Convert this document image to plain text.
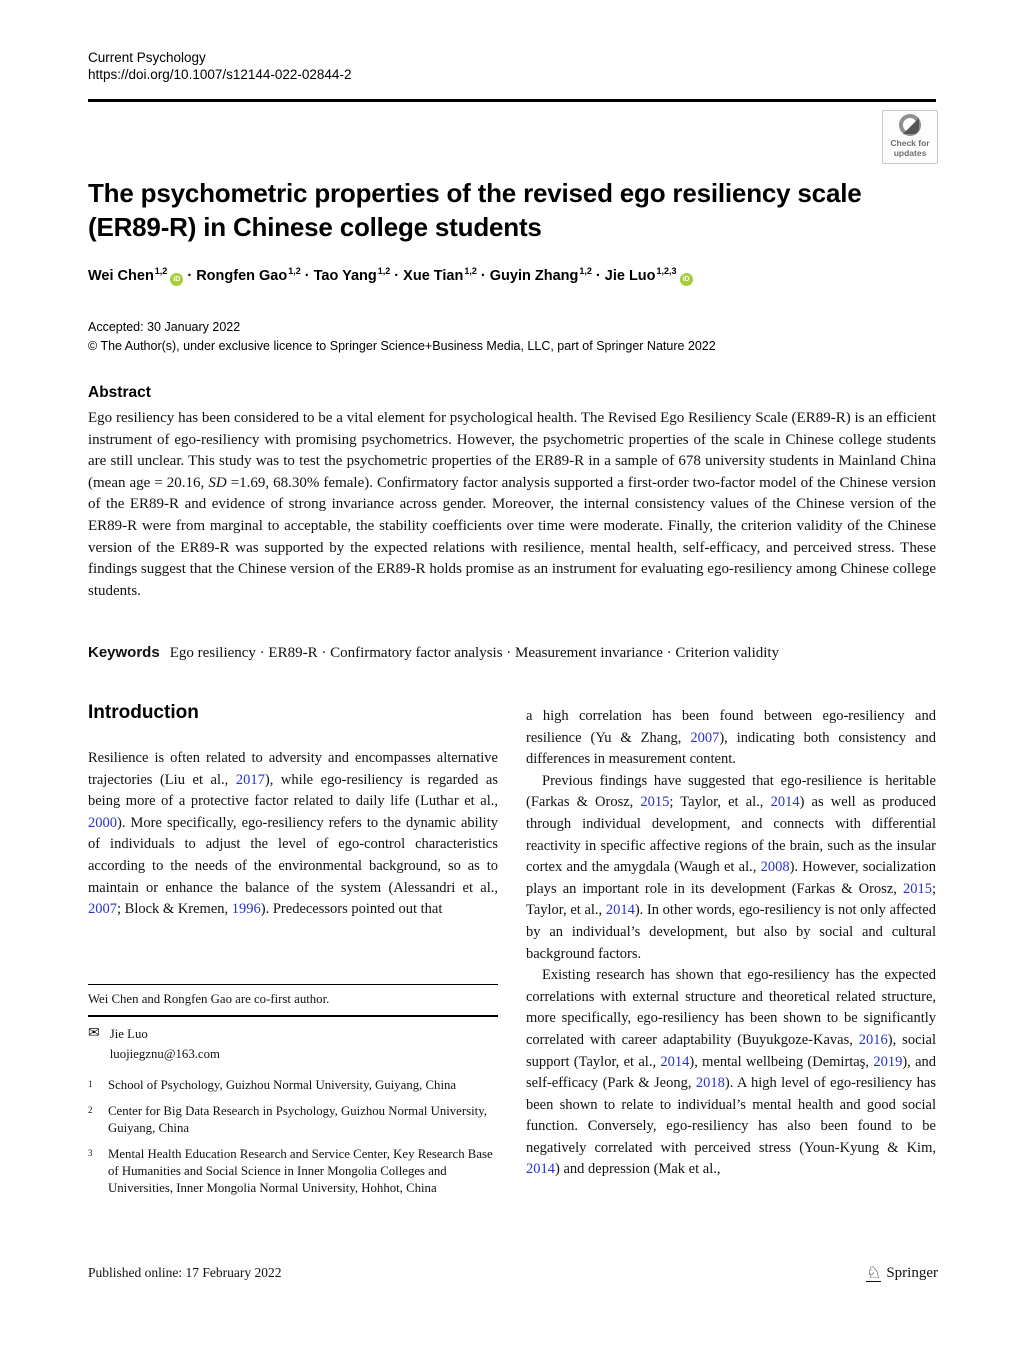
Current Psychology
https://doi.org/10.1007/s12144-022-02844-2
Check for
updates
The psychometric properties of the revised ego resiliency scale
(ER89-R) in Chinese college students
Wei Chen$^{1,2}$iD · Rongfen Gao$^{1,2}$ · Tao Yang$^{1,2}$ · Xue Tian$^{1,2}$ · Guyin Zhang$^{1,2}$ · Jie Luo$^{1,2,3}$iD
Accepted: 30 January 2022
© The Author(s), under exclusive licence to Springer Science+Business Media, LLC, part of Springer Nature 2022
Abstract
Ego resiliency has been considered to be a vital element for psychological health. The Revised Ego Resiliency Scale (ER89-R) is an efficient instrument of ego-resiliency with promising psychometrics. However, the psychometric properties of the scale in Chinese college students are still unclear. This study was to test the psychometric properties of the ER89-R in a sample of 678 university students in Mainland China (mean age = 20.16, SD =1.69, 68.30% female). Confirmatory factor analysis supported a first-order two-factor model of the Chinese version of the ER89-R and evidence of strong invariance across gender. Moreover, the internal consistency values of the Chinese version of the ER89-R were from marginal to acceptable, the stability coefficients over time were moderate. Finally, the criterion validity of the Chinese version of the ER89-R was supported by the expected relations with resilience, mental health, self-efficacy, and perceived stress. These findings suggest that the Chinese version of the ER89-R holds promise as an instrument for evaluating ego-resiliency among Chinese college students.
Keywords Ego resiliency · ER89-R · Confirmatory factor analysis · Measurement invariance · Criterion validity
Introduction
Resilience is often related to adversity and encompasses alternative trajectories (Liu et al., 2017), while ego-resiliency is regarded as being more of a protective factor related to daily life (Luthar et al., 2000). More specifically, ego-resiliency refers to the dynamic ability of individuals to adjust the level of ego-control characteristics according to the needs of the environmental background, so as to maintain or enhance the balance of the system (Alessandri et al., 2007; Block & Kremen, 1996). Predecessors pointed out that
a high correlation has been found between ego-resiliency and resilience (Yu & Zhang, 2007), indicating both consistency and differences in measurement content.
Previous findings have suggested that ego-resilience is heritable (Farkas & Orosz, 2015; Taylor, et al., 2014) as well as produced through individual development, and connects with differential reactivity in specific affective regions of the brain, such as the insular cortex and the amygdala (Waugh et al., 2008). However, socialization plays an important role in its development (Farkas & Orosz, 2015; Taylor, et al., 2014). In other words, ego-resiliency is not only affected by an individual’s development, but also by social and cultural background factors.
Existing research has shown that ego-resiliency has the expected correlations with external structure and theoretical related structure, more specifically, ego-resiliency has been shown to be significantly correlated with career adaptability (Buyukgoze-Kavas, 2016), social support (Taylor, et al., 2014), mental wellbeing (Demirtaş, 2019), and self-efficacy (Park & Jeong, 2018). A high level of ego-resiliency has been shown to relate to individual’s mental health and good social function. Conversely, ego-resiliency has also been found to be negatively correlated with perceived stress (Youn-Kyung & Kim, 2014) and depression (Mak et al.,
Wei Chen and Rongfen Gao are co-first author.
✉ Jie Luo
luojiegznu@163.com
1	School of Psychology, Guizhou Normal University, Guiyang, China
2	Center for Big Data Research in Psychology, Guizhou Normal University, Guiyang, China
3	Mental Health Education Research and Service Center, Key Research Base of Humanities and Social Science in Inner Mongolia Colleges and Universities, Inner Mongolia Normal University, Hohhot, China
Published online: 17 February 2022	♘ Springer
